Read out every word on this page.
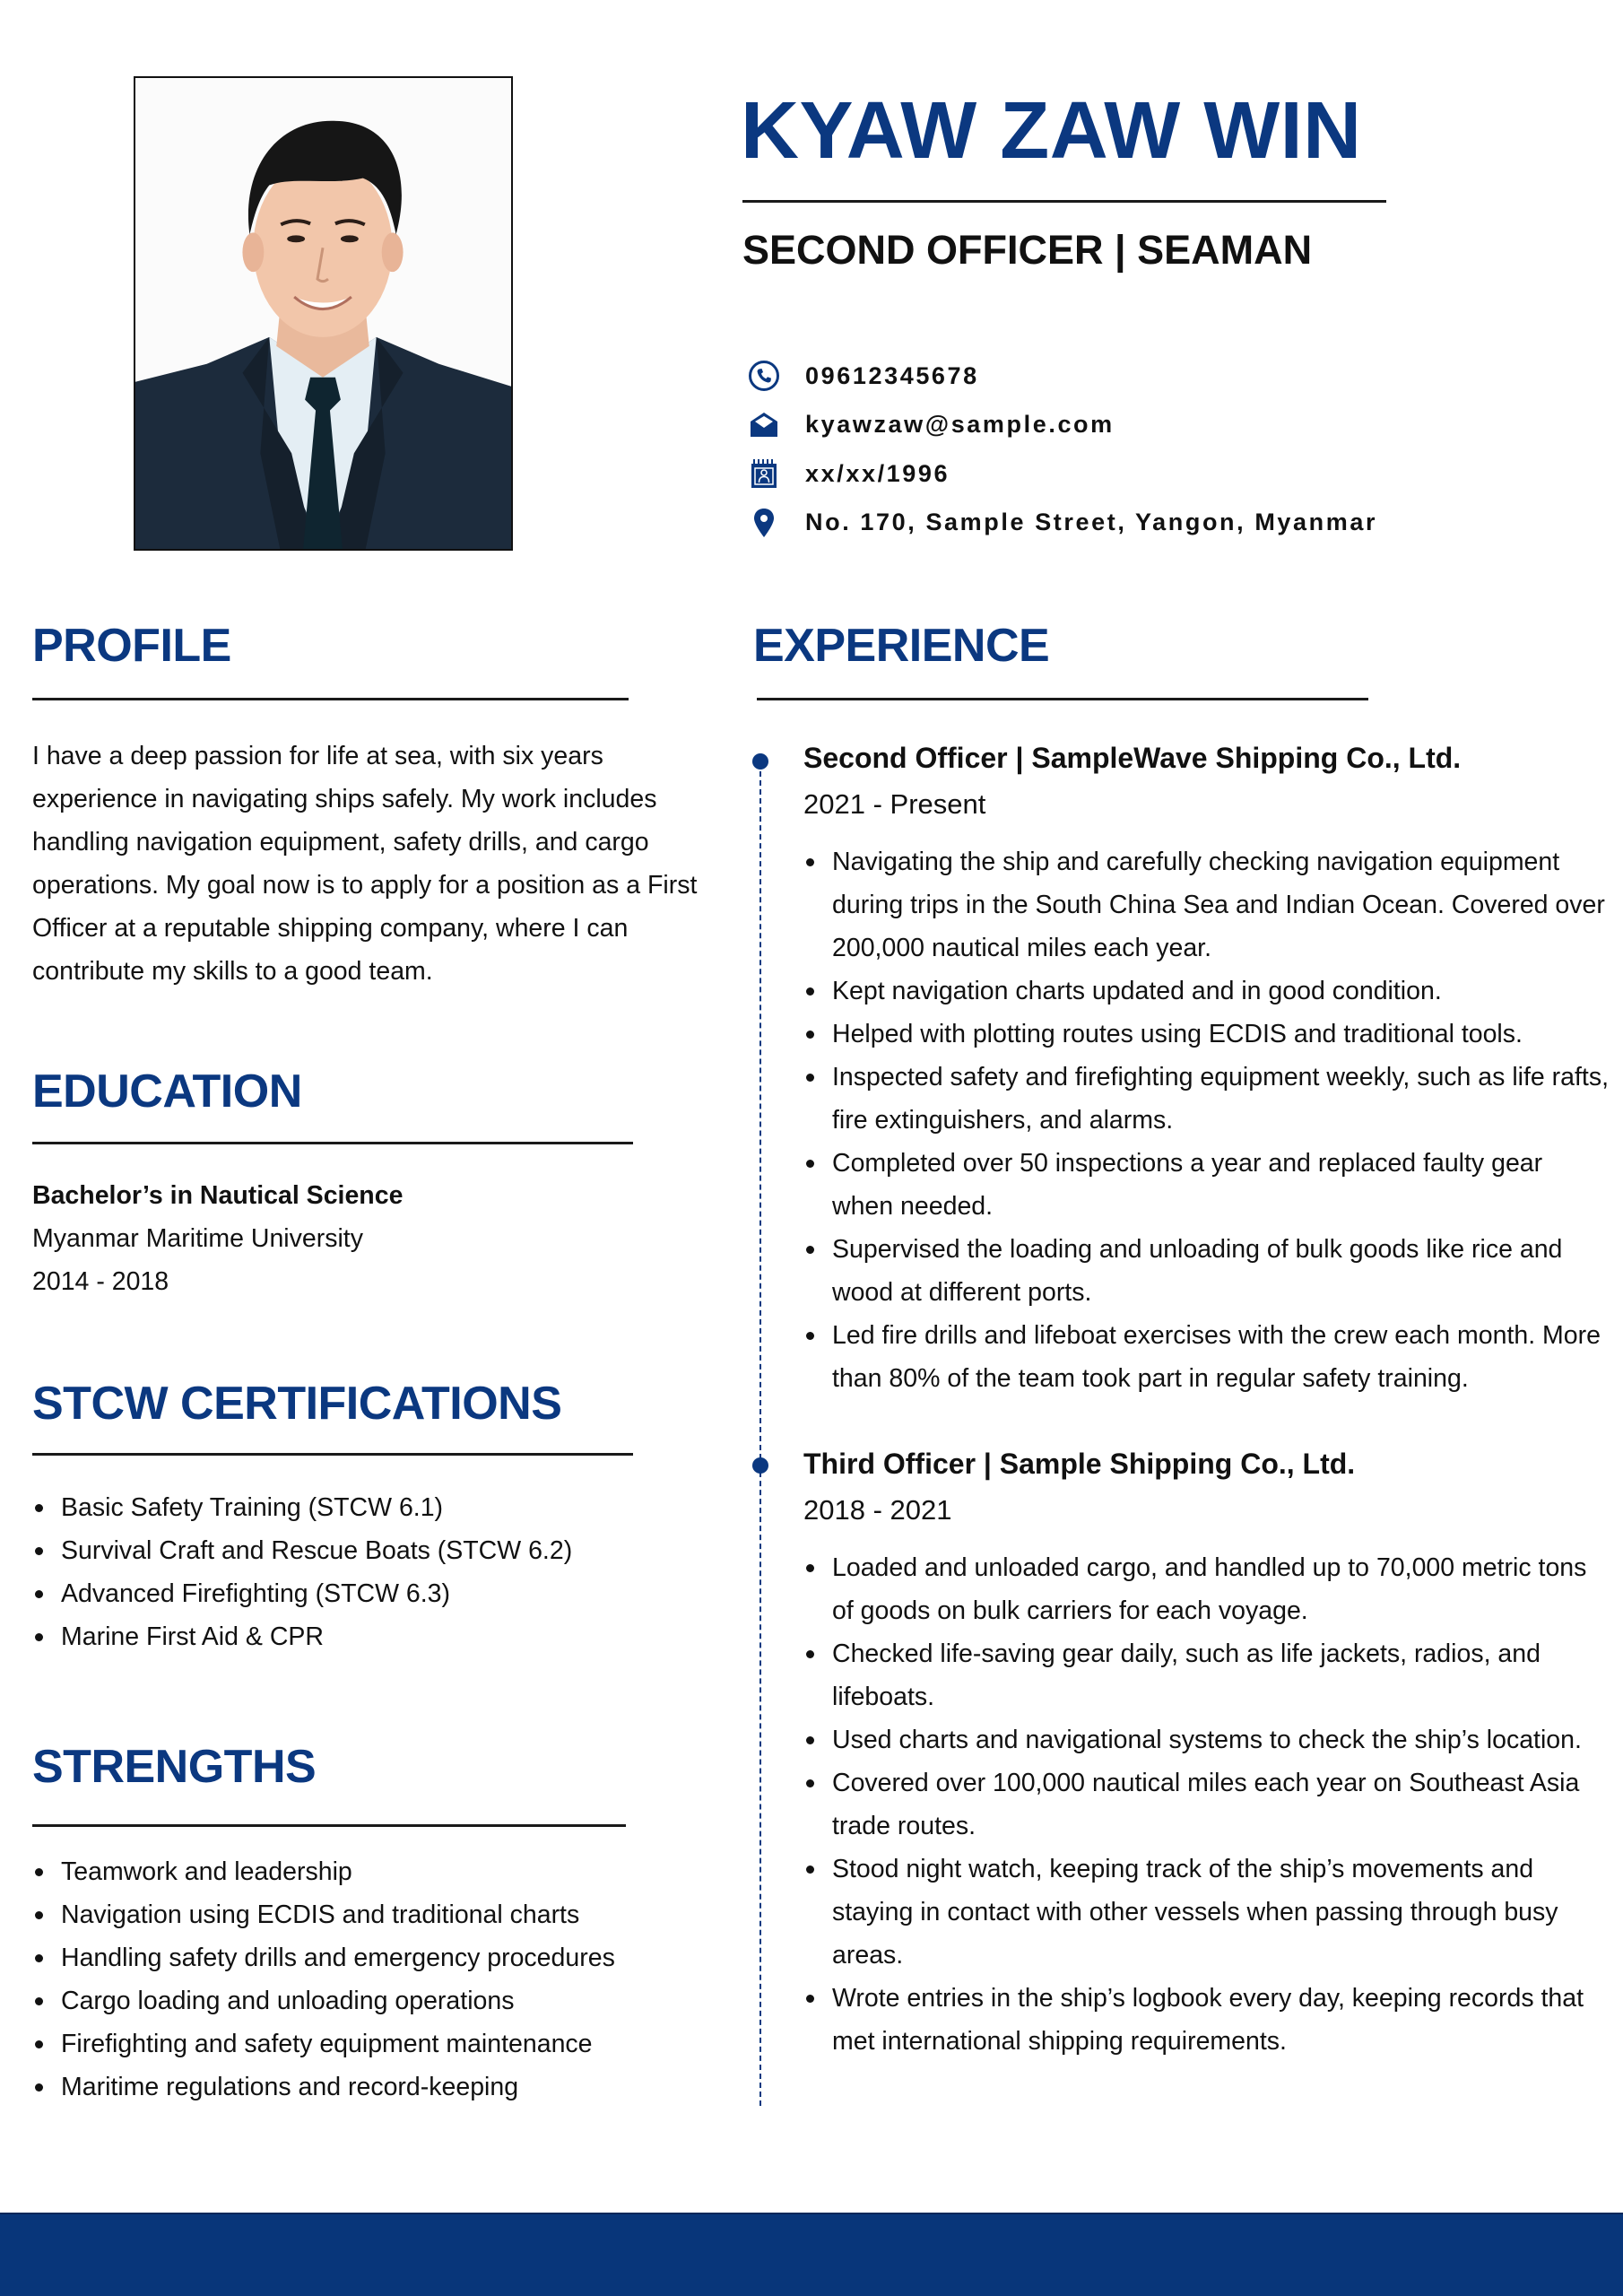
KYAW ZAW WIN
SECOND OFFICER | SEAMAN
09612345678
kyawzaw@sample.com
xx/xx/1996
No. 170, Sample Street, Yangon, Myanmar
PROFILE

I have a deep passion for life at sea, with six years experience in navigating ships safely. My work includes handling navigation equipment, safety drills, and cargo operations. My goal now is to apply for a position as a First Officer at a reputable shipping company, where I can contribute my skills to a good team.

EDUCATION
Bachelor’s in Nautical Science
Myanmar Maritime University
2014 - 2018
STCW CERTIFICATIONS
Basic Safety Training (STCW 6.1)
Survival Craft and Rescue Boats (STCW 6.2)
Advanced Firefighting (STCW 6.3)
Marine First Aid & CPR
STRENGTHS
Teamwork and leadership
Navigation using ECDIS and traditional charts
Handling safety drills and emergency procedures
Cargo loading and unloading operations
Firefighting and safety equipment maintenance
Maritime regulations and record-keeping
EXPERIENCE
Second Officer | SampleWave Shipping Co., Ltd.
2021 - Present
Navigating the ship and carefully checking navigation equipment during trips in the South China Sea and Indian Ocean. Covered over 200,000 nautical miles each year.
Kept navigation charts updated and in good condition.
Helped with plotting routes using ECDIS and traditional tools.
Inspected safety and firefighting equipment weekly, such as life rafts, fire extinguishers, and alarms.
Completed over 50 inspections a year and replaced faulty gear when needed.
Supervised the loading and unloading of bulk goods like rice and wood at different ports.
Led fire drills and lifeboat exercises with the crew each month. More than 80% of the team took part in regular safety training.
Third Officer | Sample Shipping Co., Ltd.
2018 - 2021
Loaded and unloaded cargo, and handled up to 70,000 metric tons of goods on bulk carriers for each voyage.
Checked life-saving gear daily, such as life jackets, radios, and lifeboats.
Used charts and navigational systems to check the ship’s location.
Covered over 100,000 nautical miles each year on Southeast Asia trade routes.
Stood night watch, keeping track of the ship’s movements and staying in contact with other vessels when passing through busy areas.
Wrote entries in the ship’s logbook every day, keeping records that met international shipping requirements.
